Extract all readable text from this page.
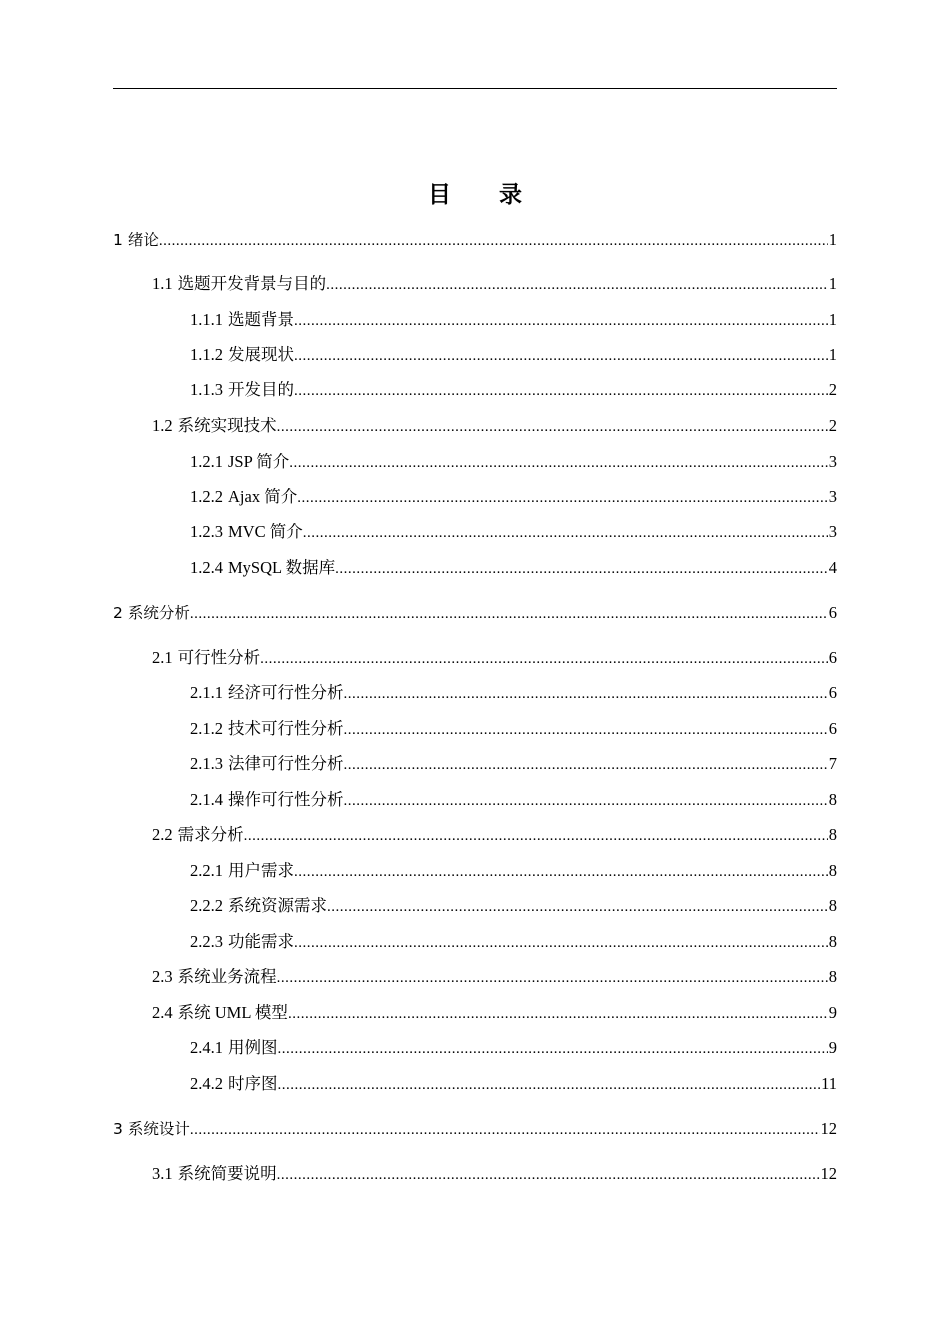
目 录
1 绪论 .....	1
1.1 选题开发背景与目的 .....	1
1.1.1 选题背景 .....	1
1.1.2 发展现状 .....	1
1.1.3 开发目的 .....	2
1.2 系统实现技术 .....	2
1.2.1 JSP 简介 .....	3
1.2.2 Ajax 简介 .....	3
1.2.3 MVC 简介 .....	3
1.2.4 MySQL 数据库 .....	4
2 系统分析 .....	6
2.1 可行性分析 .....	6
2.1.1 经济可行性分析 .....	6
2.1.2 技术可行性分析 .....	6
2.1.3 法律可行性分析 .....	7
2.1.4 操作可行性分析 .....	8
2.2 需求分析 .....	8
2.2.1 用户需求 .....	8
2.2.2 系统资源需求 .....	8
2.2.3 功能需求 .....	8
2.3 系统业务流程 .....	8
2.4 系统 UML 模型 .....	9
2.4.1 用例图 .....	9
2.4.2 时序图 .....	11
3 系统设计 .....	12
3.1 系统简要说明 .....	12
